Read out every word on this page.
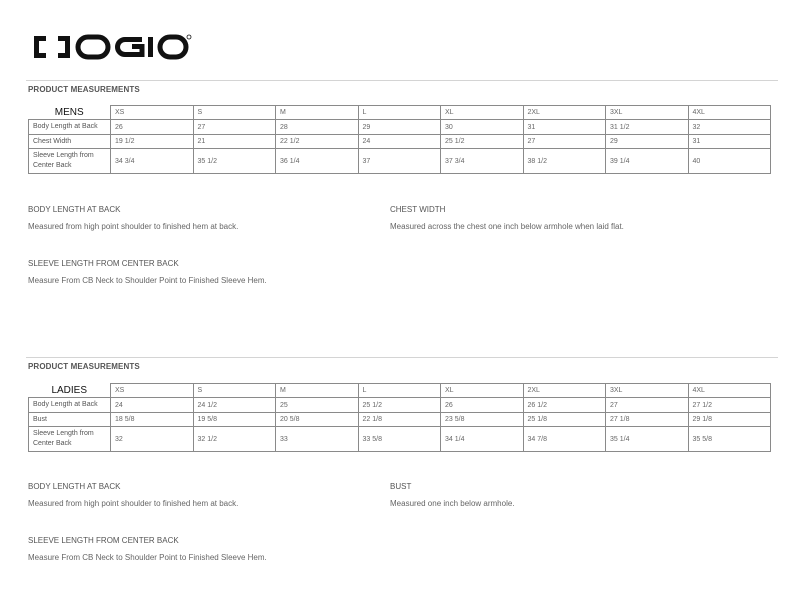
PRODUCT MEASUREMENTS
MENS	XS	S	M	L	XL	2XL	3XL	4XL
Body Length at Back	26	27	28	29	30	31	31 1/2	32
Chest Width	19 1/2	21	22 1/2	24	25 1/2	27	29	31
Sleeve Length from Center Back	34 3/4	35 1/2	36 1/4	37	37 3/4	38 1/2	39 1/4	40
BODY LENGTH AT BACK
Measured from high point shoulder to finished hem at back.
CHEST WIDTH
Measured across the chest one inch below armhole when laid flat.
SLEEVE LENGTH FROM CENTER BACK
Measure From CB Neck to Shoulder Point to Finished Sleeve Hem.
PRODUCT MEASUREMENTS
LADIES	XS	S	M	L	XL	2XL	3XL	4XL
Body Length at Back	24	24 1/2	25	25 1/2	26	26 1/2	27	27 1/2
Bust	18 5/8	19 5/8	20 5/8	22 1/8	23 5/8	25 1/8	27 1/8	29 1/8
Sleeve Length from Center Back	32	32 1/2	33	33 5/8	34 1/4	34 7/8	35 1/4	35 5/8
BODY LENGTH AT BACK
Measured from high point shoulder to finished hem at back.
BUST
Measured one inch below armhole.
SLEEVE LENGTH FROM CENTER BACK
Measure From CB Neck to Shoulder Point to Finished Sleeve Hem.
